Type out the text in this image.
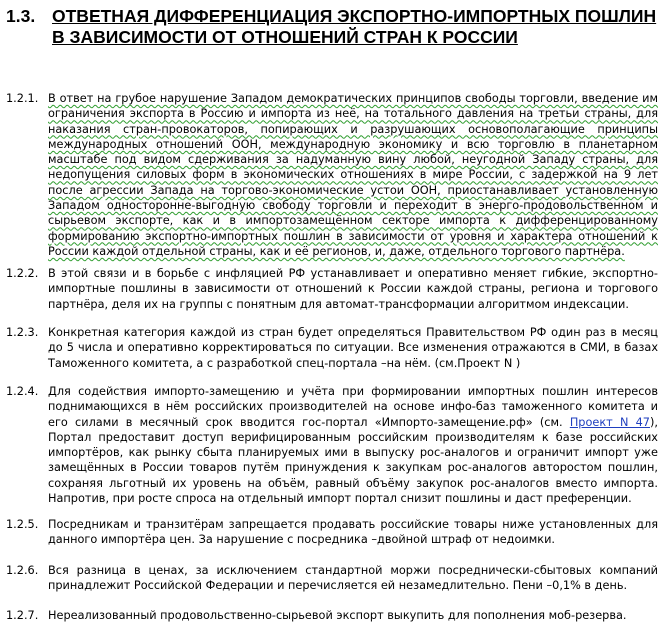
1.3. ОТВЕТНАЯ ДИФФЕРЕНЦИАЦИЯ ЭКСПОРТНО-ИМПОРТНЫХ ПОШЛИН В ЗАВИСИМОСТИ ОТ ОТНОШЕНИЙ СТРАН К РОССИИ
1.2.1. В ответ на грубое нарушение Западом демократических принципов свободы торговли, введение им ограничения экспорта в Россию и импорта из неё, на тотального давления на третьи страны, для наказания стран-провокаторов, попирающих и разрушающих основополагающие принципы международных отношений ООН, международную экономику и всю торговлю в планетарном масштабе под видом сдерживания за надуманную вину любой, неугодной Западу страны, для недопущения силовых форм в экономических отношениях в мире России, с задержкой на 9 лет после агрессии Запада на торгово-экономические устои ООН, приостанавливает установленную Западом одностороннe-выгодную свободу торговли и переходит в энерго-продовольственном и сырьевом экспорте, как и в импортозамещённом секторе импорта к дифференцированному формированию экспортно-импортных пошлин в зависимости от уровня и характера отношений к России каждой отдельной страны, как и её регионов, и, даже, отдельного торгового партнёра.
1.2.2. В этой связи и в борьбе с инфляцией РФ устанавливает и оперативно меняет гибкие, экспортно-импортные пошлины в зависимости от отношений к России каждой страны, региона и торгового партнёра, деля их на группы с понятным для автомат-трансформации алгоритмом индексации.
1.2.3. Конкретная категория каждой из стран будет определяться Правительством РФ один раз в месяц до 5 числа и оперативно корректироваться по ситуации. Все изменения отражаются в СМИ, в базах Таможенного комитета, а с разработкой спец-портала –на нём. (см.Проект N )
1.2.4. Для содействия импорто-замещению и учёта при формировании импортных пошлин интересов поднимающихся в нём российских производителей на основе инфо-баз таможенного комитета и его силами в месячный срок вводится гос-портал «Импорто-замещение.рф» (см. Проект N 47), Портал предоставит доступ верифицированным российским производителям к базе российских импортёров, как рынку сбыта планируемых ими в выпуску рос-аналогов и ограничит импорт уже замещённых в России товаров путём принуждения к закупкам рос-аналогов авторостом пошлин, сохраняя льготный их уровень на объём, равный объёму закупок рос-аналогов вместо импорта. Напротив, при росте спроса на отдельный импорт портал снизит пошлины и даст преференции.
1.2.5. Посредникам и транзитёрам запрещается продавать российские товары ниже установленных для данного импортёра цен. За нарушение с посредника –двойной штраф от недоимки.
1.2.6. Вся разница в ценах, за исключением стандартной моржи посреднически-сбытовых компаний принадлежит Российской Федерации и перечисляется ей незамедлительно. Пени –0,1% в день.
1.2.7. Нереализованный продовольственно-сырьевой экспорт выкупить для пополнения моб-резерва.
